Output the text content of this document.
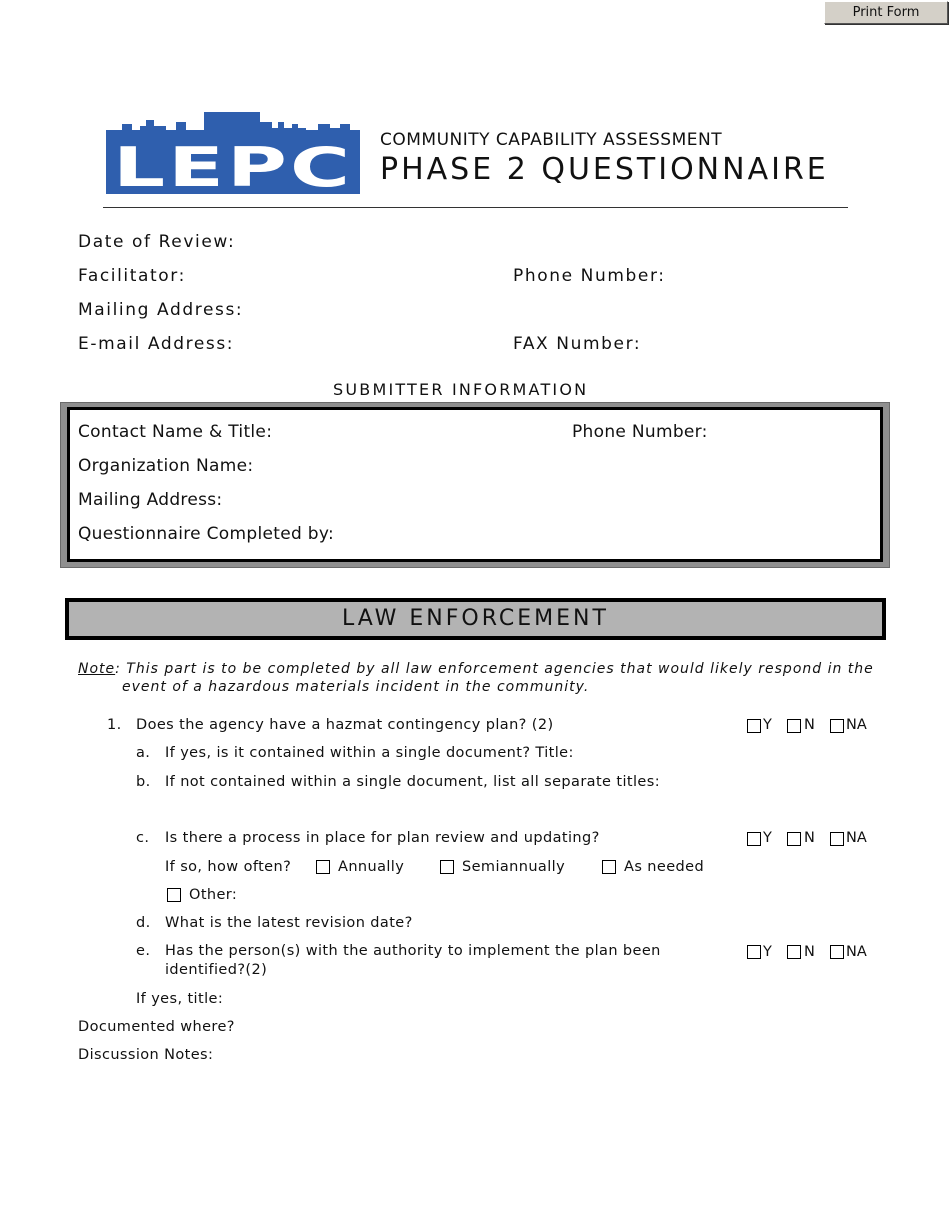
Print Form
LEPC COMMUNITY CAPABILITY ASSESSMENT
PHASE 2 QUESTIONNAIRE
Date of Review:
Facilitator:	Phone Number:
Mailing Address:
E-mail Address:	FAX Number:
SUBMITTER INFORMATION
Contact Name & Title:	Phone Number:
Organization Name:
Mailing Address:
Questionnaire Completed by:
LAW ENFORCEMENT
Note: This part is to be completed by all law enforcement agencies that would likely respond in the
event of a hazardous materials incident in the community.
1. Does the agency have a hazmat contingency plan? (2)	Y N NA
a. If yes, is it contained within a single document? Title:
b. If not contained within a single document, list all separate titles:
c. Is there a process in place for plan review and updating?	Y N NA
If so, how often?	Annually	Semiannually	As needed
Other:
d. What is the latest revision date?
e. Has the person(s) with the authority to implement the plan been
identified?(2)
Y N NA
If yes, title:
Documented where?
Discussion Notes:
